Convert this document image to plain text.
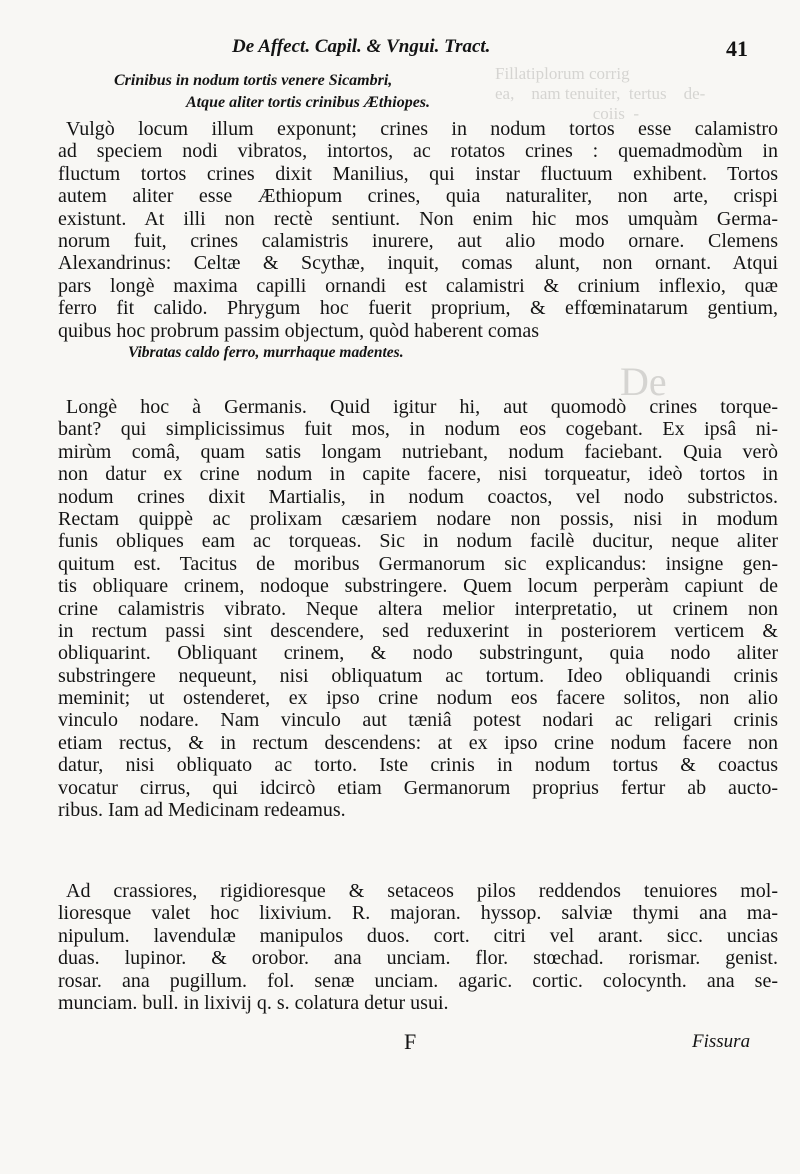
Fillatiplorum corrig
ea,    nam tenuiter,  tertus    de-
coiis  -
De
De Affect. Capil. & Vngui. Tract.	41
Crinibus in nodum tortis venere Sicambri,
Atque aliter tortis crinibus Æthiopes.
Vulgò locum illum exponunt; crines in nodum tortos esse calamistro
ad speciem nodi vibratos, intortos, ac rotatos crines : quemadmodùm in
fluctum tortos crines dixit Manilius, qui instar fluctuum exhibent. Tortos
autem aliter esse Æthiopum crines, quia naturaliter, non arte, crispi
existunt. At illi non rectè sentiunt. Non enim hic mos umquàm Germa-
norum fuit, crines calamistris inurere, aut alio modo ornare. Clemens
Alexandrinus: Celtæ & Scythæ, inquit, comas alunt, non ornant. Atqui
pars longè maxima capilli ornandi est calamistri & crinium inflexio, quæ
ferro fit calido. Phrygum hoc fuerit proprium, & effœminatarum gentium,
quibus hoc probrum passim objectum, quòd haberent comas
Vibratas caldo ferro, murrhaque madentes.
Longè hoc à Germanis. Quid igitur hi, aut quomodò crines torque-
bant? qui simplicissimus fuit mos, in nodum eos cogebant. Ex ipsâ ni-
mirùm comâ, quam satis longam nutriebant, nodum faciebant. Quia verò
non datur ex crine nodum in capite facere, nisi torqueatur, ideò tortos in
nodum crines dixit Martialis, in nodum coactos, vel nodo substrictos.
Rectam quippè ac prolixam cæsariem nodare non possis, nisi in modum
funis obliques eam ac torqueas. Sic in nodum facilè ducitur, neque aliter
quitum est. Tacitus de moribus Germanorum sic explicandus: insigne gen-
tis obliquare crinem, nodoque substringere. Quem locum perperàm capiunt de
crine calamistris vibrato. Neque altera melior interpretatio, ut crinem non
in rectum passi sint descendere, sed reduxerint in posteriorem verticem &
obliquarint. Obliquant crinem, & nodo substringunt, quia nodo aliter
substringere nequeunt, nisi obliquatum ac tortum. Ideo obliquandi crinis
meminit; ut ostenderet, ex ipso crine nodum eos facere solitos, non alio
vinculo nodare. Nam vinculo aut tæniâ potest nodari ac religari crinis
etiam rectus, & in rectum descendens: at ex ipso crine nodum facere non
datur, nisi obliquato ac torto. Iste crinis in nodum tortus & coactus
vocatur cirrus, qui idcircò etiam Germanorum proprius fertur ab aucto-
ribus. Iam ad Medicinam redeamus.
Ad crassiores, rigidioresque & setaceos pilos reddendos tenuiores mol-
lioresque valet hoc lixivium. R. majoran. hyssop. salviæ thymi ana ma-
nipulum. lavendulæ manipulos duos. cort. citri vel arant. sicc. uncias
duas. lupinor. & orobor. ana unciam. flor. stœchad. rorismar. genist.
rosar. ana pugillum. fol. senæ unciam. agaric. cortic. colocynth. ana se-
munciam. bull. in lixivij q. s. colatura detur usui.
F	Fissura
